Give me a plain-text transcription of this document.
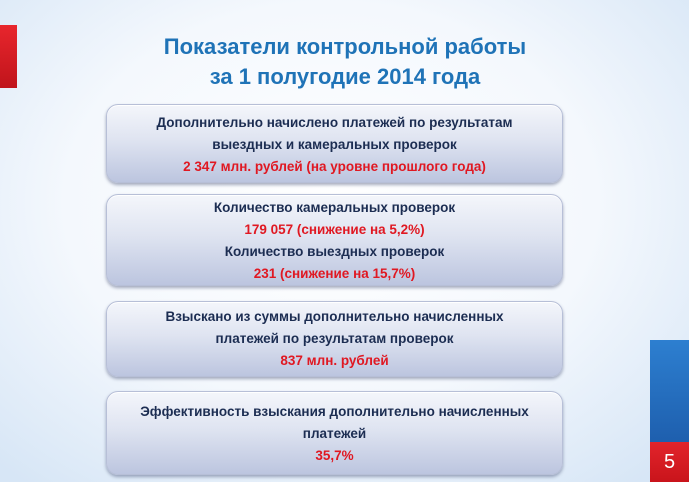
Показатели контрольной работы
за 1 полугодие 2014 года
Дополнительно начислено платежей по результатам
выездных и камеральных проверок
2 347 млн. рублей (на уровне прошлого года)
Количество камеральных проверок
179 057 (снижение на 5,2%)
Количество выездных проверок
231 (снижение на 15,7%)
Взыскано из суммы дополнительно начисленных
платежей по результатам проверок
837 млн. рублей
Эффективность взыскания дополнительно начисленных
платежей
35,7%	5
